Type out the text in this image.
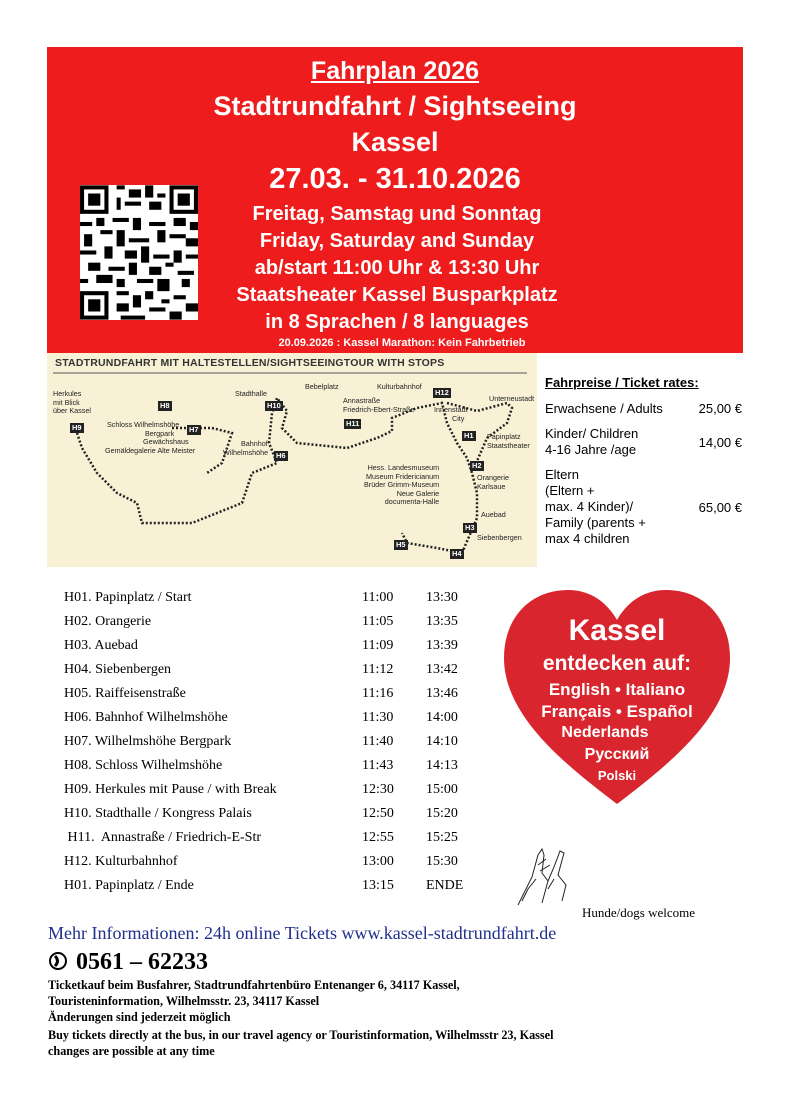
Fahrplan 2026
Stadtrundfahrt / Sightseeing
Kassel
27.03. - 31.10.2026
Freitag, Samstag und Sonntag
Friday, Saturday and Sunday
ab/start 11:00 Uhr & 13:30 Uhr
Staatsheater Kassel Busparkplatz
in 8 Sprachen / 8 languages
20.09.2026 : Kassel Marathon: Kein Fahrbetrieb
STADTRUNDFAHRT MIT HALTESTELLEN/SIGHTSEEINGTOUR WITH STOPS
Herkules
mit Blick
über Kassel
Schloss Wilhelmshöhe
Bergpark
Gewächshaus
Gemäldegalerie Alte Meister
Stadthalle
Bebelplatz	Kulturbahnhof
Unterneustadt
Annastraße
Friedrich-Ebert-Straße	Innenstadt
City
Bahnhof
Wilhelmshöhe
Papinplatz
Staatstheater
Hess. Landesmuseum
Museum Fridericianum
Brüder Grimm-Museum
Neue Galerie
documenta-Halle
Orangerie
Karlsaue
Auebad
Siebenbergen
H1
H2
H3
H4
H5
H6
H7
H8
H9
H10
H11
H12
Fahrpreise / Ticket rates:
Erwachsene / Adults	25,00 €
Kinder/ Children
4-16 Jahre /age	14,00 €
Eltern
(Eltern +
max. 4 Kinder)/
Family (parents +
max 4 children
65,00 €
H01. Papinplatz / Start	11:00 13:30
H02. Orangerie	11:05 13:35
H03. Auebad	11:09 13:39
H04. Siebenbergen	11:12 13:42
H05. Raiffeisenstraße	11:16 13:46
H06. Bahnhof Wilhelmshöhe	11:30 14:00
H07. Wilhelmshöhe Bergpark	11:40 14:10
H08. Schloss Wilhelmshöhe	11:43 14:13
H09. Herkules mit Pause / with Break	12:30 15:00
H10. Stadthalle / Kongress Palais	12:50 15:20
H11.  Annastraße / Friedrich-E-Str	12:55 15:25
H12. Kulturbahnhof	13:00 15:30
H01. Papinplatz / Ende	13:15 ENDE
Kassel
entdecken auf:
English • Italiano
Français • Español
Nederlands
Русский
Polski
Hunde/dogs welcome
Mehr Informationen: 24h online Tickets www.kassel-stadtrundfahrt.de
0561 – 62233
Ticketkauf beim Busfahrer, Stadtrundfahrtenbüro Entenanger 6, 34117 Kassel,
Touristeninformation, Wilhelmsstr. 23, 34117 Kassel
Änderungen sind jederzeit möglich
Buy tickets directly at the bus, in our travel agency or Touristinformation, Wilhelmsstr 23, Kassel
changes are possible at any time
